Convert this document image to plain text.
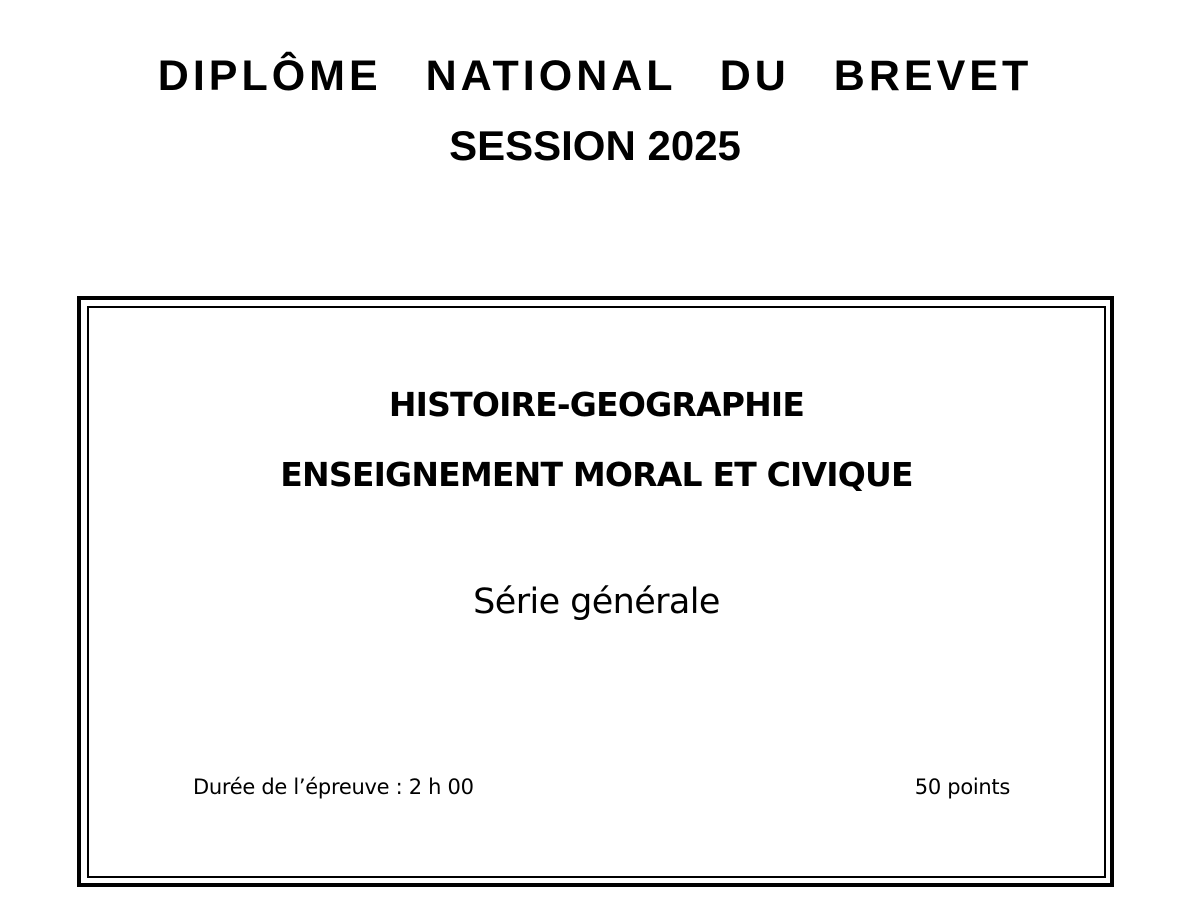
DIPLÔME NATIONAL DU BREVET
SESSION 2025
HISTOIRE-GEOGRAPHIE
ENSEIGNEMENT MORAL ET CIVIQUE
Série générale
Durée de l’épreuve : 2 h 00	50 points
